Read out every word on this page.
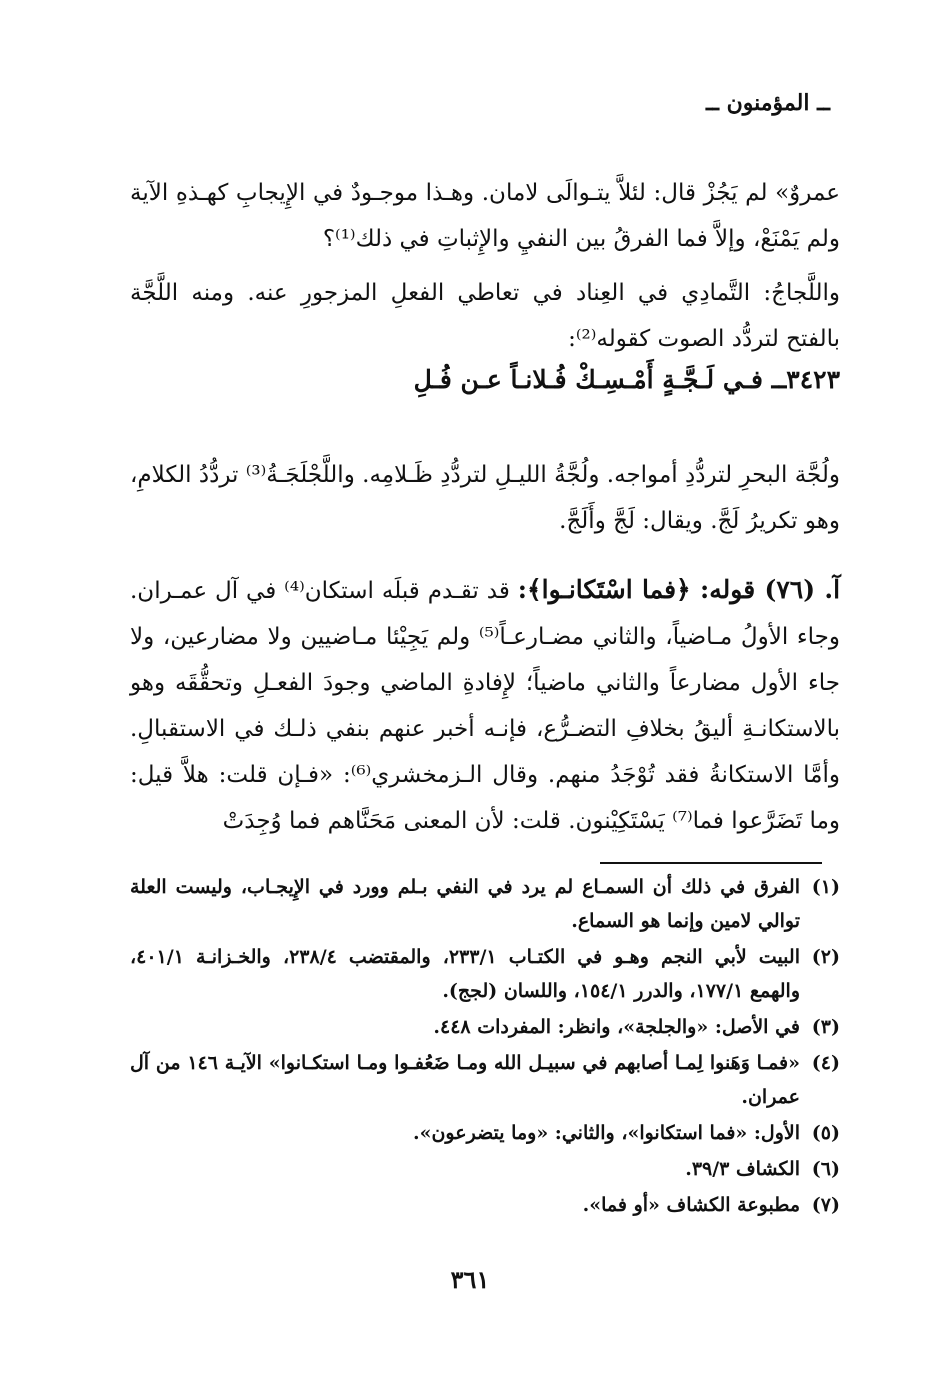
ــ المؤمنون ــ
عمروٌ» لم يَجُزْ قال: لئلاَّ يتـوالَى لامان. وهـذا موجـودٌ في الإِيجابِ كهـذهِ الآية ولم يَمْنَعْ، وإلاَّ فما الفرقُ بين النفيِ والإِثباتِ في ذلك⁽¹⁾؟
واللَّجاجُ: التَّمادِي في العِناد في تعاطي الفعلِ المزجورِ عنه. ومنه اللَّجَّة بالفتح لتردُّد الصوت كقوله⁽²⁾:
٣٤٢٣ــ فـي لَـجَّـةٍ أَمْـسِـكْ فُـلانـاً عـن فُـلِ
ولُجَّة البحرِ لتردُّدِ أمواجه. ولُجَّةُ الليـلِ لتردُّدِ ظَـلامِه. واللَّجْلَجَـةُ⁽³⁾ تردُّدُ الكلامِ، وهو تكريرُ لَجَّ. ويقال: لَجَّ وأَلَجَّ.
آ. (٧٦) قوله: ﴿فما اسْتَكانـوا﴾: قد تقـدم قبلَه استكان⁽⁴⁾ في آل عمـران. وجاء الأولُ مـاضياً، والثاني مضـارعـاً⁽⁵⁾ ولم يَجِيْئا مـاضيين ولا مضارعين، ولا جاء الأول مضارعاً والثاني ماضياً؛ لإِفادةِ الماضي وجودَ الفعـلِ وتحقُّقَه وهو بالاستكانـةِ أليقُ بخلافِ التضـرُّع، فإنـه أخبر عنهم بنفي ذلـك في الاستقبالِ. وأمَّا الاستكانةُ فقد تُوْجَدُ منهم. وقال الـزمخشري⁽⁶⁾: «فـإن قلت: هلاَّ قيل: وما تَضَرَّعوا فما⁽⁷⁾ يَسْتَكِيْنون. قلت: لأن المعنى مَحَنَّاهم فما وُجِدَتْ
(١)
الفرق في ذلك أن السمـاع لم يرد في النفي بـلم وورد في الإِيجـاب، وليست العلة توالي لامين وإنما هو السماع.
(٢)
البيت لأبي النجم وهـو في الكتـاب ٢٣٣/١، والمقتضب ٢٣٨/٤، والخـزانـة ٤٠١/١، والهمع ١٧٧/١، والدرر ١٥٤/١، واللسان (لجج).
(٣)
في الأصل: «والجلجة»، وانظر: المفردات ٤٤٨.
(٤)
«فمـا وَهَنوا لِمـا أصابهم في سبيـل الله ومـا ضَعُفـوا ومـا استكـانوا» الآيـة ١٤٦ من آل عمران.
(٥)
الأول: «فما استكانوا»، والثاني: «وما يتضرعون».
(٦)
الكشاف ٣٩/٣.
(٧)
مطبوعة الكشاف «أو فما».
٣٦١
